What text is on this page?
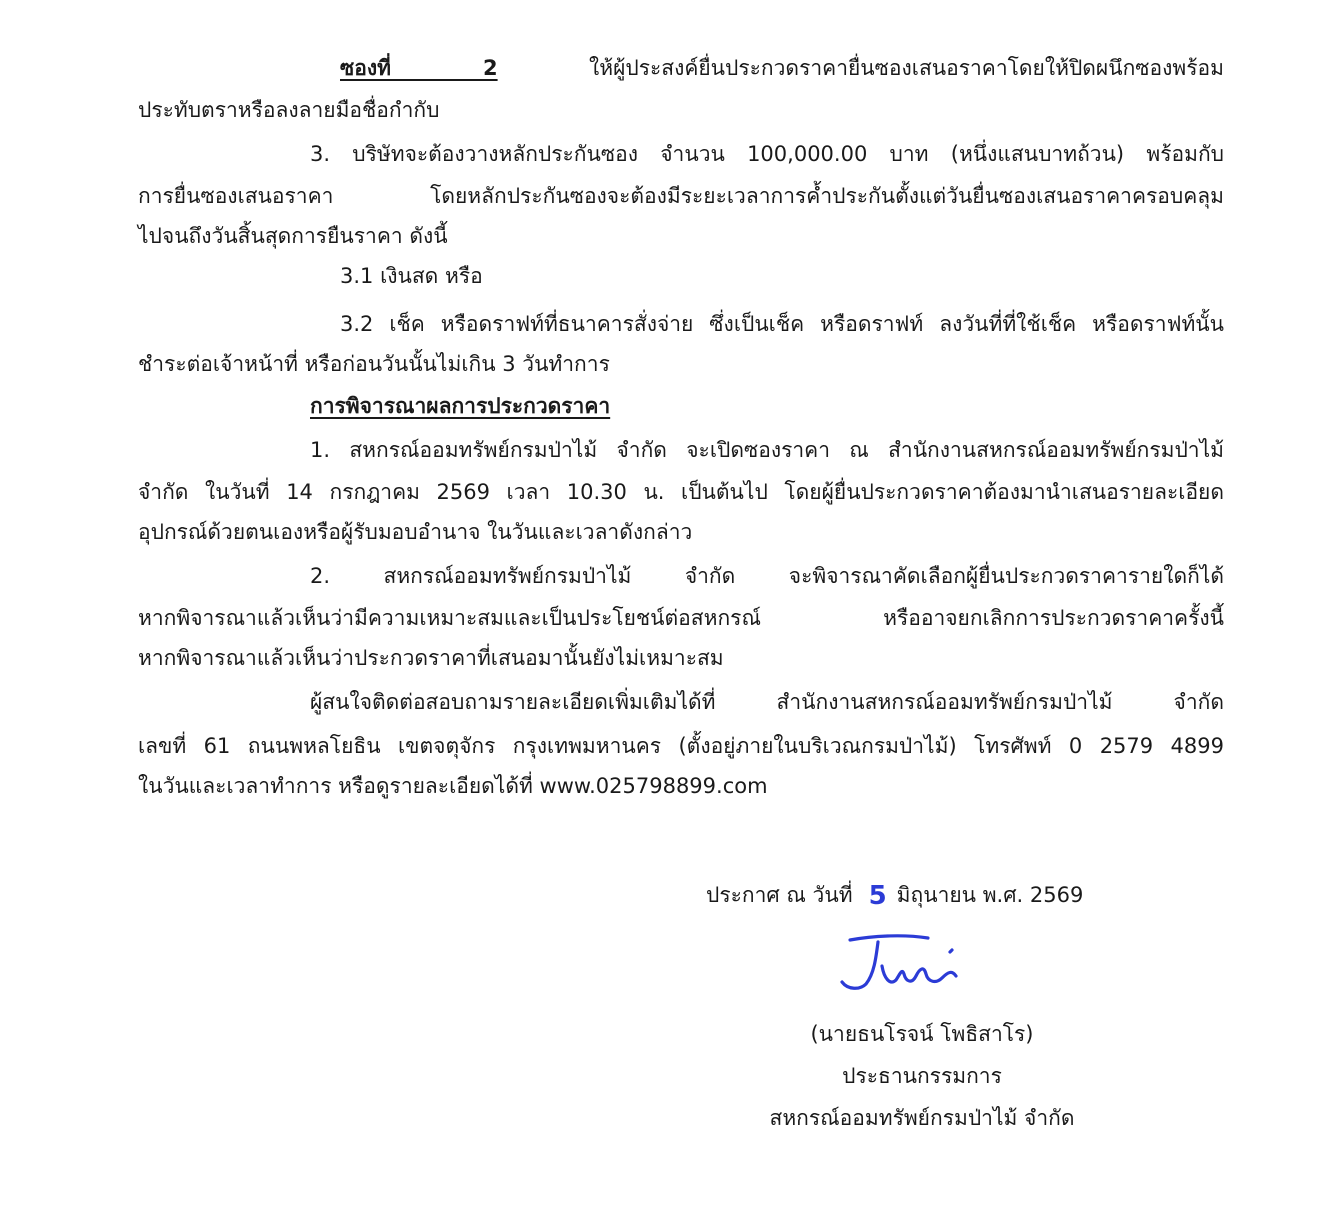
ซองที่ 2	ให้ผู้ประสงค์ยื่นประกวดราคายื่นซองเสนอราคาโดยให้ปิดผนึกซองพร้อม
ประทับตราหรือลงลายมือชื่อกำกับ
3. บริษัทจะต้องวางหลักประกันซอง จำนวน 100,000.00 บาท (หนึ่งแสนบาทถ้วน) พร้อมกับ
การยื่นซองเสนอราคา โดยหลักประกันซองจะต้องมีระยะเวลาการค้ำประกันตั้งแต่วันยื่นซองเสนอราคาครอบคลุม
ไปจนถึงวันสิ้นสุดการยืนราคา ดังนี้
3.1 เงินสด หรือ
3.2 เช็ค หรือดราฟท์ที่ธนาคารสั่งจ่าย ซึ่งเป็นเช็ค หรือดราฟท์ ลงวันที่ที่ใช้เช็ค หรือดราฟท์นั้น
ชำระต่อเจ้าหน้าที่ หรือก่อนวันนั้นไม่เกิน 3 วันทำการ
การพิจารณาผลการประกวดราคา
1. สหกรณ์ออมทรัพย์กรมป่าไม้ จำกัด จะเปิดซองราคา ณ สำนักงานสหกรณ์ออมทรัพย์กรมป่าไม้
จำกัด ในวันที่ 14 กรกฎาคม 2569 เวลา 10.30 น. เป็นต้นไป โดยผู้ยื่นประกวดราคาต้องมานำเสนอรายละเอียด
อุปกรณ์ด้วยตนเองหรือผู้รับมอบอำนาจ ในวันและเวลาดังกล่าว
2. สหกรณ์ออมทรัพย์กรมป่าไม้ จำกัด จะพิจารณาคัดเลือกผู้ยื่นประกวดราคารายใดก็ได้
หากพิจารณาแล้วเห็นว่ามีความเหมาะสมและเป็นประโยชน์ต่อสหกรณ์ หรืออาจยกเลิกการประกวดราคาครั้งนี้
หากพิจารณาแล้วเห็นว่าประกวดราคาที่เสนอมานั้นยังไม่เหมาะสม
ผู้สนใจติดต่อสอบถามรายละเอียดเพิ่มเติมได้ที่ สำนักงานสหกรณ์ออมทรัพย์กรมป่าไม้ จำกัด
เลขที่ 61 ถนนพหลโยธิน เขตจตุจักร กรุงเทพมหานคร (ตั้งอยู่ภายในบริเวณกรมป่าไม้) โทรศัพท์ 0 2579 4899
ในวันและเวลาทำการ หรือดูรายละเอียดได้ที่ www.025798899.com
ประกาศ ณ วันที่ 5 มิถุนายน พ.ศ. 2569
(นายธนโรจน์ โพธิสาโร)
ประธานกรรมการ
สหกรณ์ออมทรัพย์กรมป่าไม้ จำกัด
